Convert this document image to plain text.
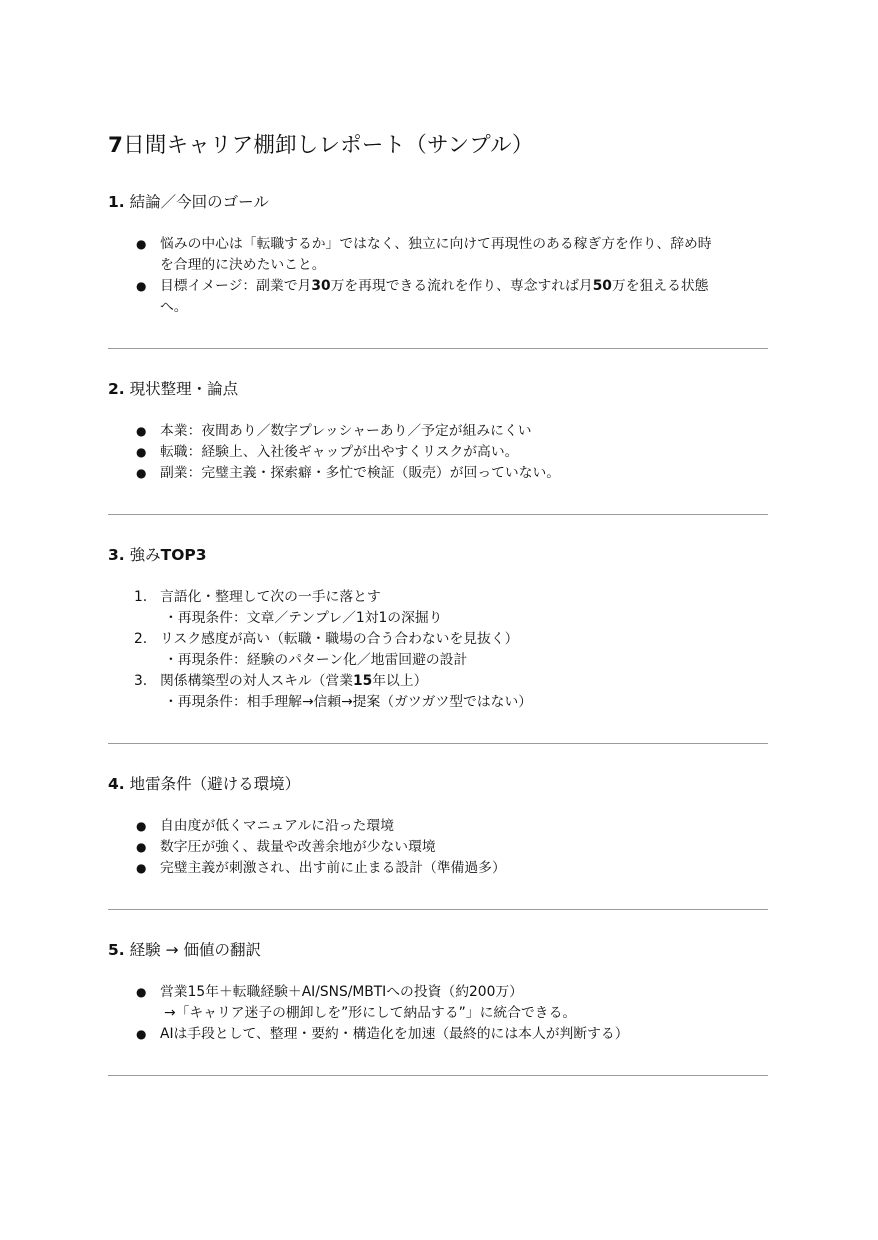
7日間キャリア棚卸しレポート（サンプル）
1. 結論／今回のゴール
● 悩みの中心は「転職するか」ではなく、独立に向けて再現性のある稼ぎ方を作り、辞め時
を合理的に決めたいこと。
● 目標イメージ：副業で月30万を再現できる流れを作り、専念すれば月50万を狙える状態
へ。
2. 現状整理・論点
● 本業：夜間あり／数字プレッシャーあり／予定が組みにくい
● 転職：経験上、入社後ギャップが出やすくリスクが高い。
● 副業：完璧主義・探索癖・多忙で検証（販売）が回っていない。
3. 強みTOP3
1. 言語化・整理して次の一手に落とす
・再現条件：文章／テンプレ／1対1の深掘り
2. リスク感度が高い（転職・職場の合う合わないを見抜く）
・再現条件：経験のパターン化／地雷回避の設計
3. 関係構築型の対人スキル（営業15年以上）
・再現条件：相手理解→信頼→提案（ガツガツ型ではない）
4. 地雷条件（避ける環境）
● 自由度が低くマニュアルに沿った環境
● 数字圧が強く、裁量や改善余地が少ない環境
● 完璧主義が刺激され、出す前に止まる設計（準備過多）
5. 経験 → 価値の翻訳
● 営業15年＋転職経験＋AI/SNS/MBTIへの投資（約200万）
→「キャリア迷子の棚卸しを”形にして納品する”」に統合できる。
● AIは手段として、整理・要約・構造化を加速（最終的には本人が判断する）
